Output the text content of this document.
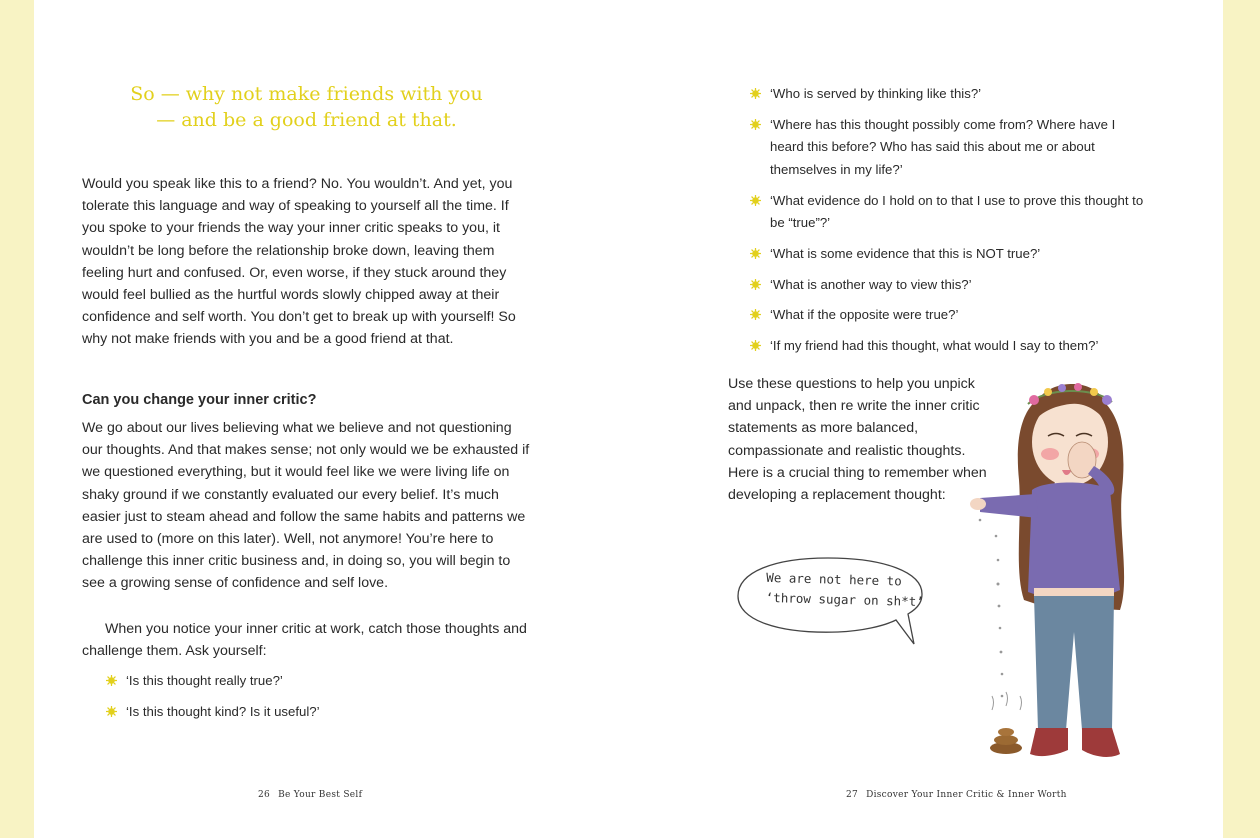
So — why not make friends with you
— and be a good friend at that.

Would you speak like this to a friend? No. You wouldn’t. And yet, you tolerate this language and way of speaking to yourself all the time. If you spoke to your friends the way your inner critic speaks to you, it wouldn’t be long before the relationship broke down, leaving them feeling hurt and confused. Or, even worse, if they stuck around they would feel bullied as the hurtful words slowly chipped away at their confidence and self worth. You don’t get to break up with yourself! So why not make friends with you and be a good friend at that.

Can you change your inner critic?

We go about our lives believing what we believe and not questioning our thoughts. And that makes sense; not only would we be exhausted if we questioned everything, but it would feel like we were living life on shaky ground if we constantly evaluated our every belief. It’s much easier just to steam ahead and follow the same habits and patterns we are used to (more on this later). Well, not anymore! You’re here to challenge this inner critic business and, in doing so, you will begin to see a growing sense of confidence and self love.

When you notice your inner critic at work, catch those thoughts and challenge them. Ask yourself:

‘Is this thought really true?’
‘Is this thought kind? Is it useful?’
26 Be Your Best Self
‘Who is served by thinking like this?’
‘Where has this thought possibly come from? Where have I heard this before? Who has said this about me or about themselves in my life?’
‘What evidence do I hold on to that I use to prove this thought to be “true”?’
‘What is some evidence that this is NOT true?’
‘What is another way to view this?’
‘What if the opposite were true?’
‘If my friend had this thought, what would I say to them?’

Use these questions to help you unpick and unpack, then re write the inner critic statements as more balanced, compassionate and realistic thoughts. Here is a crucial thing to remember when developing a replacement thought:

We are not here to
‘throw sugar on sh*t’
27 Discover Your Inner Critic & Inner Worth
